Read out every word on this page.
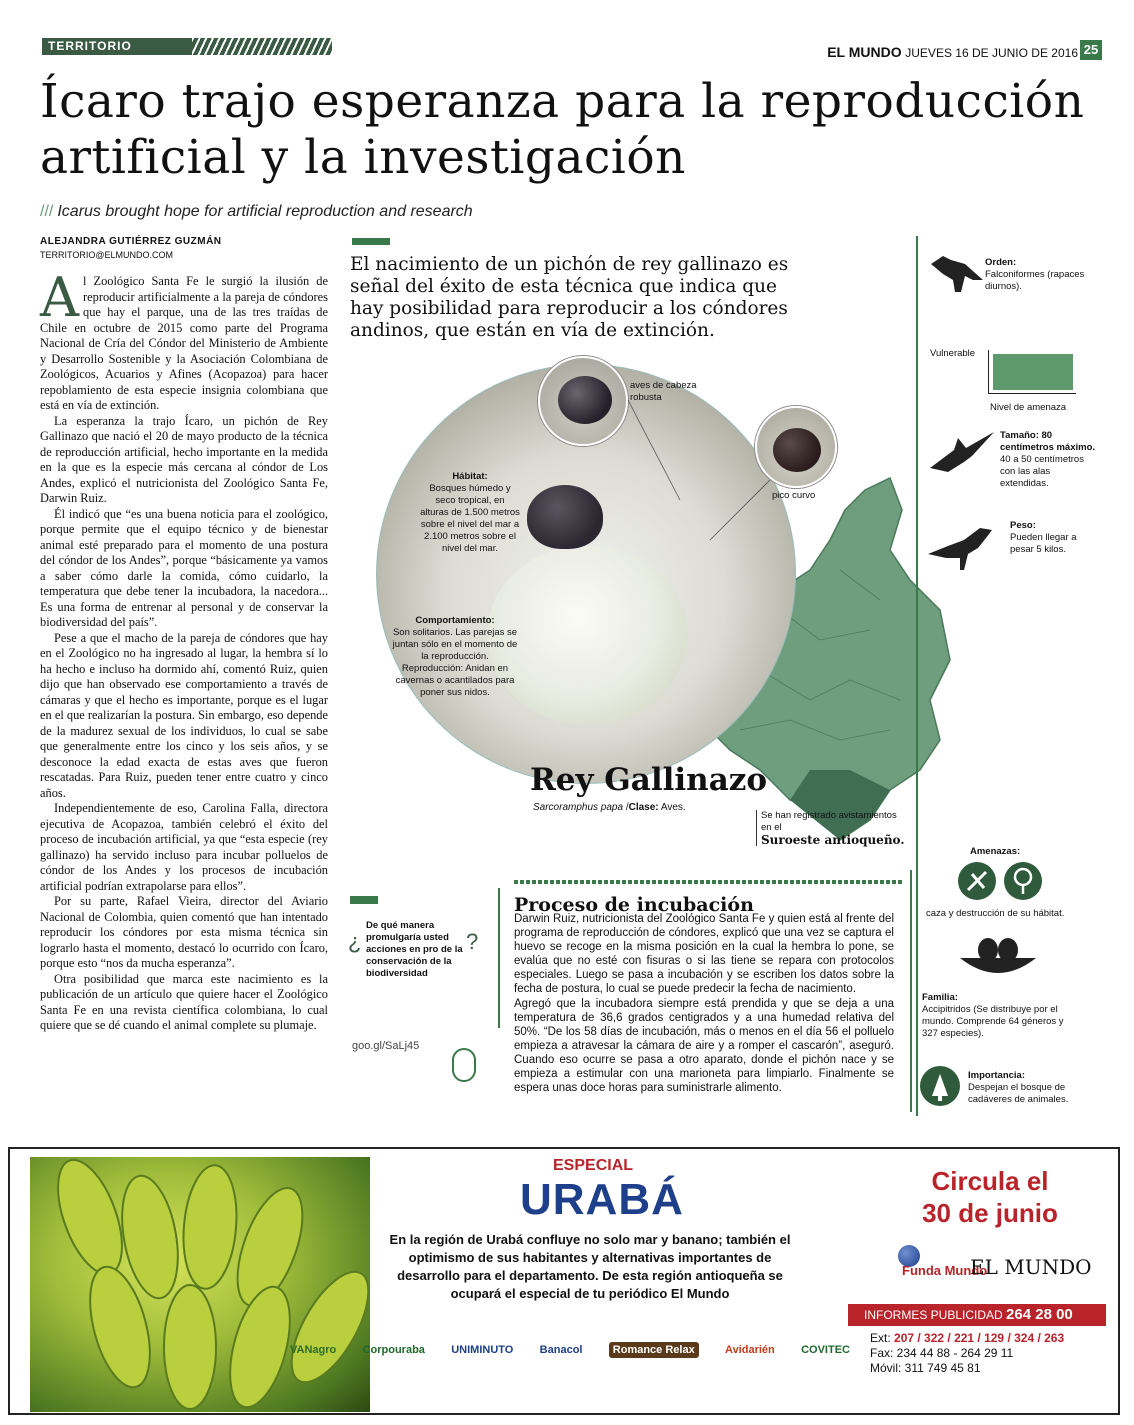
TERRITORIO	EL MUNDO JUEVES 16 DE JUNIO DE 2016 25
Ícaro trajo esperanza para la reproducción artificial y la investigación
/// Icarus brought hope for artificial reproduction and research
ALEJANDRA GUTIÉRREZ GUZMÁN
TERRITORIO@ELMUNDO.COM

Al Zoológico Santa Fe le surgió la ilusión de reproducir artificialmente a la pareja de cóndores que hay el parque, una de las tres traídas de Chile en octubre de 2015 como parte del Programa Nacional de Cría del Cóndor del Ministerio de Ambiente y Desarrollo Sostenible y la Asociación Colombiana de Zoológicos, Acuarios y Afines (Acopazoa) para hacer repoblamiento de esta especie insignia colombiana que está en vía de extinción.

La esperanza la trajo Ícaro, un pichón de Rey Gallinazo que nació el 20 de mayo producto de la técnica de reproducción artificial, hecho importante en la medida en la que es la especie más cercana al cóndor de Los Andes, explicó el nutricionista del Zoológico Santa Fe, Darwin Ruiz.

Él indicó que “es una buena noticia para el zoológico, porque permite que el equipo técnico y de bienestar animal esté preparado para el momento de una postura del cóndor de los Andes”, porque “básicamente ya vamos a saber cómo darle la comida, cómo cuidarlo, la temperatura que debe tener la incubadora, la nacedora... Es una forma de entrenar al personal y de conservar la biodiversidad del país”.

Pese a que el macho de la pareja de cóndores que hay en el Zoológico no ha ingresado al lugar, la hembra sí lo ha hecho e incluso ha dormido ahí, comentó Ruiz, quien dijo que han observado ese comportamiento a través de cámaras y que el hecho es importante, porque es el lugar en el que realizarían la postura. Sin embargo, eso depende de la madurez sexual de los individuos, lo cual se sabe que generalmente entre los cinco y los seis años, y se desconoce la edad exacta de estas aves que fueron rescatadas. Para Ruiz, pueden tener entre cuatro y cinco años.

Independientemente de eso, Carolina Falla, directora ejecutiva de Acopazoa, también celebró el éxito del proceso de incubación artificial, ya que “esta especie (rey gallinazo) ha servido incluso para incubar polluelos de cóndor de los Andes y los procesos de incubación artificial podrían extrapolarse para ellos”.

Por su parte, Rafael Vieira, director del Aviario Nacional de Colombia, quien comentó que han intentado reproducir los cóndores por esta misma técnica sin lograrlo hasta el momento, destacó lo ocurrido con Ícaro, porque esto “nos da mucha esperanza”.

Otra posibilidad que marca este nacimiento es la publicación de un artículo que quiere hacer el Zoológico Santa Fe en una revista científica colombiana, lo cual quiere que se dé cuando el animal complete su plumaje.

El nacimiento de un pichón de rey gallinazo es señal del éxito de esta técnica que indica que hay posibilidad para reproducir a los cóndores andinos, que están en vía de extinción.
aves de cabeza robusta
pico curvo
Hábitat:
Bosques húmedo y seco tropical, en alturas de 1.500 metros sobre el nivel del mar a 2.100 metros sobre el nivel del mar.
Comportamiento:
Son solitarios. Las parejas se juntan sólo en el momento de la reproducción.
Reproducción: Anidan en cavernas o acantilados para poner sus nidos.
Rey Gallinazo
Sarcoramphus papa /Clase: Aves.
Se han registrado avistamientos en el
Suroeste antioqueño.
Orden:
Falconiformes (rapaces diurnos).
Vulnerable
Nivel de amenaza
Tamaño: 80 centímetros máximo.
40 a 50 centímetros con las alas extendidas.
Peso:
Pueden llegar a pesar 5 kilos.
Amenazas:
caza y destrucción de su hábitat.
Familia:
Accipitridos (Se distribuye por el mundo. Comprende 64 géneros y 327 especies).
Importancia:
Despejan el bosque de cadáveres de animales.
¿	?
De qué manera promulgaría usted acciones en pro de la conservación de la biodiversidad
goo.gl/SaLj45
Proceso de incubación

Darwin Ruiz, nutricionista del Zoológico Santa Fe y quien está al frente del programa de reproducción de cóndores, explicó que una vez se captura el huevo se recoge en la misma posición en la cual la hembra lo pone, se evalúa que no esté con fisuras o si las tiene se repara con protocolos especiales. Luego se pasa a incubación y se escriben los datos sobre la fecha de postura, lo cual se puede predecir la fecha de nacimiento.

Agregó que la incubadora siempre está prendida y que se deja a una temperatura de 36,6 grados centigrados y a una humedad relativa del 50%. “De los 58 días de incubación, más o menos en el día 56 el polluelo empieza a atravesar la cámara de aire y a romper el cascarón”, aseguró. Cuando eso ocurre se pasa a otro aparato, donde el pichón nace y se empieza a estimular con una marioneta para limpiarlo. Finalmente se espera unas doce horas para suministrarle alimento.

ESPECIAL
URABÁ
En la región de Urabá confluye no solo mar y banano; también el optimismo de sus habitantes y alternativas importantes de desarrollo para el departamento. De esta región antioqueña se ocupará el especial de tu periódico El Mundo
Circula el
30 de junio
Funda Mundo
EL MUNDO
INFORMES PUBLICIDAD 264 28 00
Ext: 207 / 322 / 221 / 129 / 324 / 263
Fax: 234 44 88 - 264 29 11
Móvil: 311 749 45 81
VANagro Corpouraba UNIMINUTO Banacol	Romance Relax	Avidarién COVITEC
